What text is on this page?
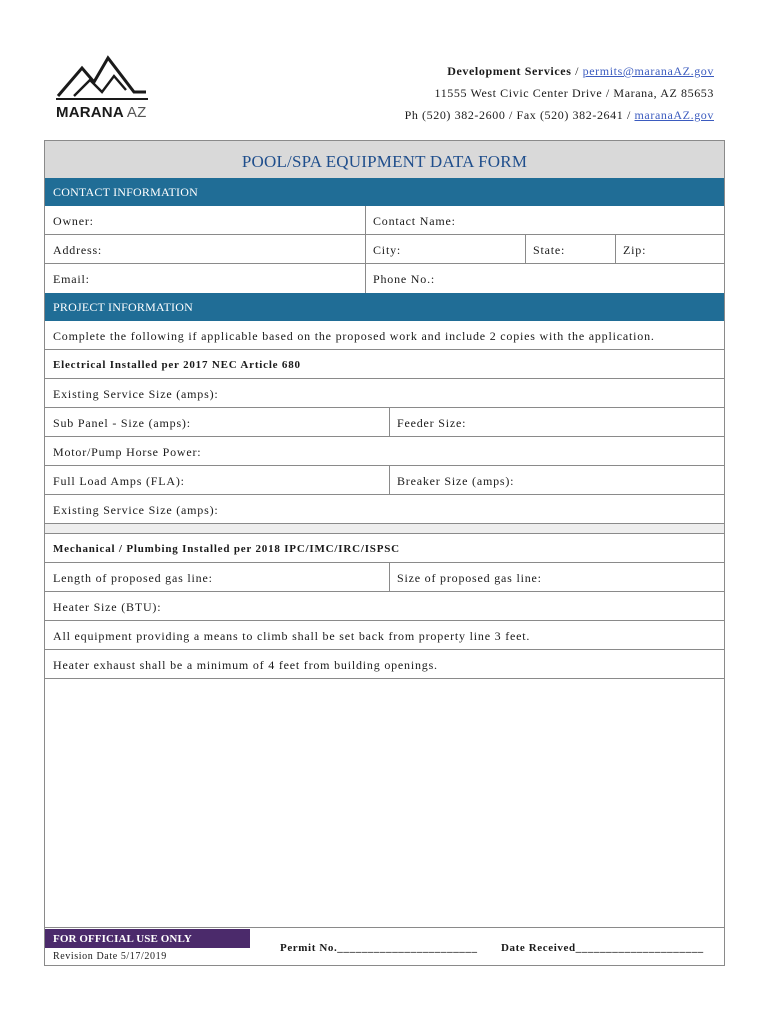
MARANA AZ
Development Services / permits@maranaAZ.gov
11555 West Civic Center Drive / Marana, AZ 85653
Ph (520) 382-2600 / Fax (520) 382-2641 / maranaAZ.gov
POOL/SPA EQUIPMENT DATA FORM
CONTACT INFORMATION
Owner:	Contact Name:
Address:	City:	State:	Zip:
Email:	Phone No.:
PROJECT INFORMATION
Complete the following if applicable based on the proposed work and include 2 copies with the application.
Electrical Installed per 2017 NEC Article 680
Existing Service Size (amps):
Sub Panel - Size (amps):	Feeder Size:
Motor/Pump Horse Power:
Full Load Amps (FLA):	Breaker Size (amps):
Existing Service Size (amps):
Mechanical / Plumbing Installed per 2018 IPC/IMC/IRC/ISPSC
Length of proposed gas line:	Size of proposed gas line:
Heater Size (BTU):
All equipment providing a means to climb shall be set back from property line 3 feet.
Heater exhaust shall be a minimum of 4 feet from building openings.
FOR OFFICIAL USE ONLY
Revision Date 5/17/2019
Permit No._______________________ Date Received_____________________
